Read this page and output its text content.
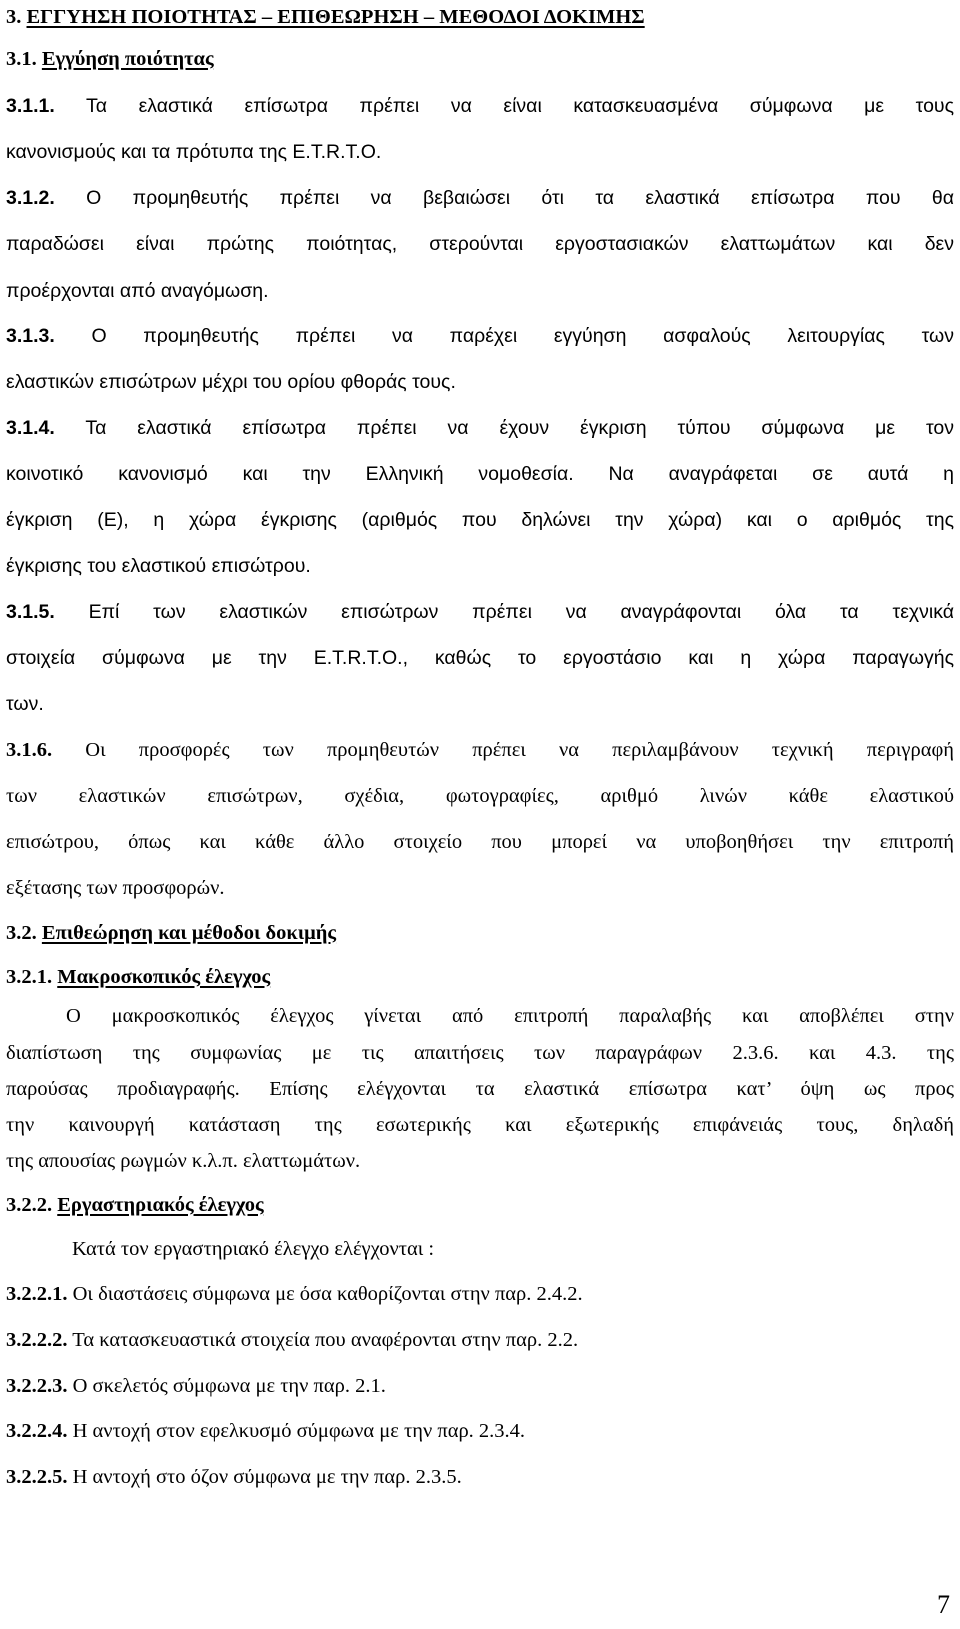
3. ΕΓΓΥΗΣΗ ΠΟΙΟΤΗΤΑΣ – ΕΠΙΘΕΩΡΗΣΗ – ΜΕΘΟΔΟΙ ΔΟΚΙΜΗΣ
3.1. Εγγύηση ποιότητας
3.1.1. Τα ελαστικά επίσωτρα πρέπει να είναι κατασκευασμένα σύμφωνα με τους
κανονισμούς και τα πρότυπα της Ε.Τ.R.T.O.
3.1.2. Ο προμηθευτής πρέπει να βεβαιώσει ότι τα ελαστικά επίσωτρα που θα
παραδώσει είναι πρώτης ποιότητας, στερούνται εργοστασιακών ελαττωμάτων και δεν
προέρχονται από αναγόμωση.
3.1.3. Ο προμηθευτής πρέπει να παρέχει εγγύηση ασφαλούς λειτουργίας των
ελαστικών επισώτρων μέχρι του ορίου φθοράς τους.
3.1.4. Τα ελαστικά επίσωτρα πρέπει να έχουν έγκριση τύπου σύμφωνα με τον
κοινοτικό κανονισμό και την Ελληνική νομοθεσία. Να αναγράφεται σε αυτά η
έγκριση (Ε), η χώρα έγκρισης (αριθμός που δηλώνει την χώρα) και ο αριθμός της
έγκρισης του ελαστικού επισώτρου.
3.1.5. Επί των ελαστικών επισώτρων πρέπει να αναγράφονται όλα τα τεχνικά
στοιχεία σύμφωνα με την Ε.Τ.R.T.O., καθώς το εργοστάσιο και η χώρα παραγωγής
των.
3.1.6. Οι προσφορές των προμηθευτών πρέπει να περιλαμβάνουν τεχνική περιγραφή
των ελαστικών επισώτρων, σχέδια, φωτογραφίες, αριθμό λινών κάθε ελαστικού
επισώτρου, όπως και κάθε άλλο στοιχείο που μπορεί να υποβοηθήσει την επιτροπή
εξέτασης των προσφορών.
3.2. Επιθεώρηση και μέθοδοι δοκιμής
3.2.1. Μακροσκοπικός έλεγχος
Ο μακροσκοπικός έλεγχος γίνεται από επιτροπή παραλαβής και αποβλέπει στην
διαπίστωση της συμφωνίας με τις απαιτήσεις των παραγράφων 2.3.6. και 4.3. της
παρούσας προδιαγραφής. Επίσης ελέγχονται τα ελαστικά επίσωτρα κατ’ όψη ως προς
την καινουργή κατάσταση της εσωτερικής και εξωτερικής επιφάνειάς τους, δηλαδή
της απουσίας ρωγμών κ.λ.π. ελαττωμάτων.
3.2.2. Εργαστηριακός έλεγχος
Κατά τον εργαστηριακό έλεγχο ελέγχονται :
3.2.2.1. Οι διαστάσεις σύμφωνα με όσα καθορίζονται στην παρ. 2.4.2.
3.2.2.2. Τα κατασκευαστικά στοιχεία που αναφέρονται στην παρ. 2.2.
3.2.2.3. Ο σκελετός σύμφωνα με την παρ. 2.1.
3.2.2.4. Η αντοχή στον εφελκυσμό σύμφωνα με την παρ. 2.3.4.
3.2.2.5. Η αντοχή στο όζον σύμφωνα με την παρ. 2.3.5.
7
